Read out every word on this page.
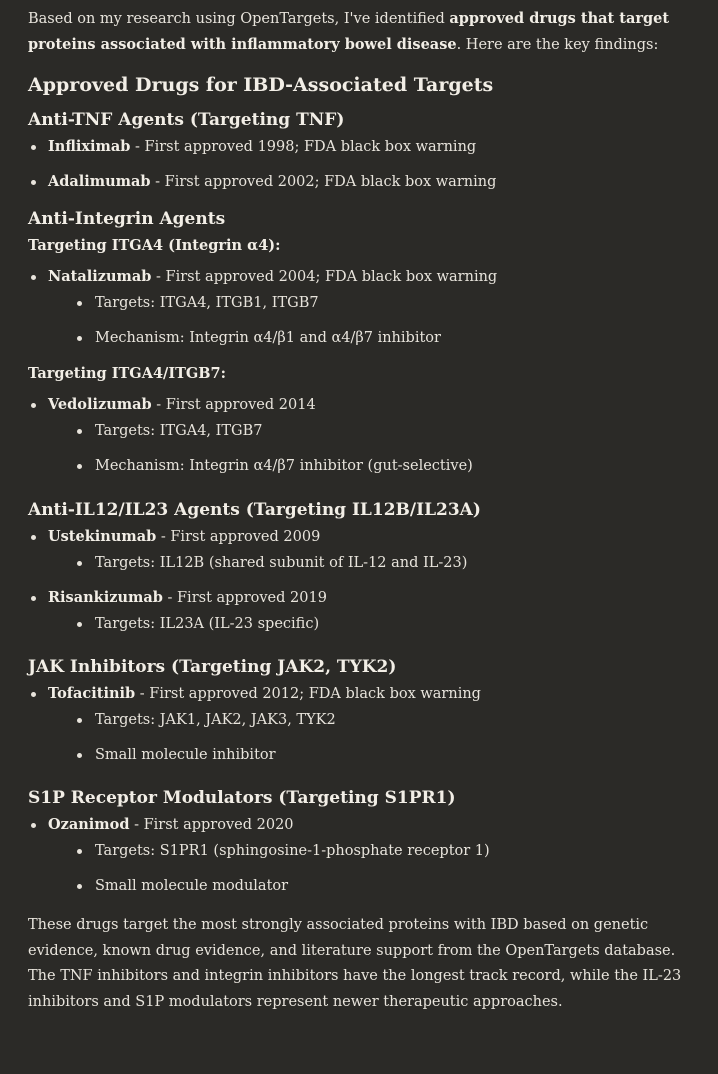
Based on my research using OpenTargets, I've identified approved drugs that target proteins associated with inflammatory bowel disease. Here are the key findings:

Approved Drugs for IBD-Associated Targets
Anti-TNF Agents (Targeting TNF)
Infliximab - First approved 1998; FDA black box warning
Adalimumab - First approved 2002; FDA black box warning
Anti-Integrin Agents
Targeting ITGA4 (Integrin α4):
Natalizumab - First approved 2004; FDA black box warning
Targets: ITGA4, ITGB1, ITGB7
Mechanism: Integrin α4/β1 and α4/β7 inhibitor
Targeting ITGA4/ITGB7:
Vedolizumab - First approved 2014
Targets: ITGA4, ITGB7
Mechanism: Integrin α4/β7 inhibitor (gut-selective)
Anti-IL12/IL23 Agents (Targeting IL12B/IL23A)
Ustekinumab - First approved 2009
Targets: IL12B (shared subunit of IL-12 and IL-23)
Risankizumab - First approved 2019
Targets: IL23A (IL-23 specific)
JAK Inhibitors (Targeting JAK2, TYK2)
Tofacitinib - First approved 2012; FDA black box warning
Targets: JAK1, JAK2, JAK3, TYK2
Small molecule inhibitor
S1P Receptor Modulators (Targeting S1PR1)
Ozanimod - First approved 2020
Targets: S1PR1 (sphingosine-1-phosphate receptor 1)
Small molecule modulator

These drugs target the most strongly associated proteins with IBD based on genetic evidence, known drug evidence, and literature support from the OpenTargets database. The TNF inhibitors and integrin inhibitors have the longest track record, while the IL-23 inhibitors and S1P modulators represent newer therapeutic approaches.
